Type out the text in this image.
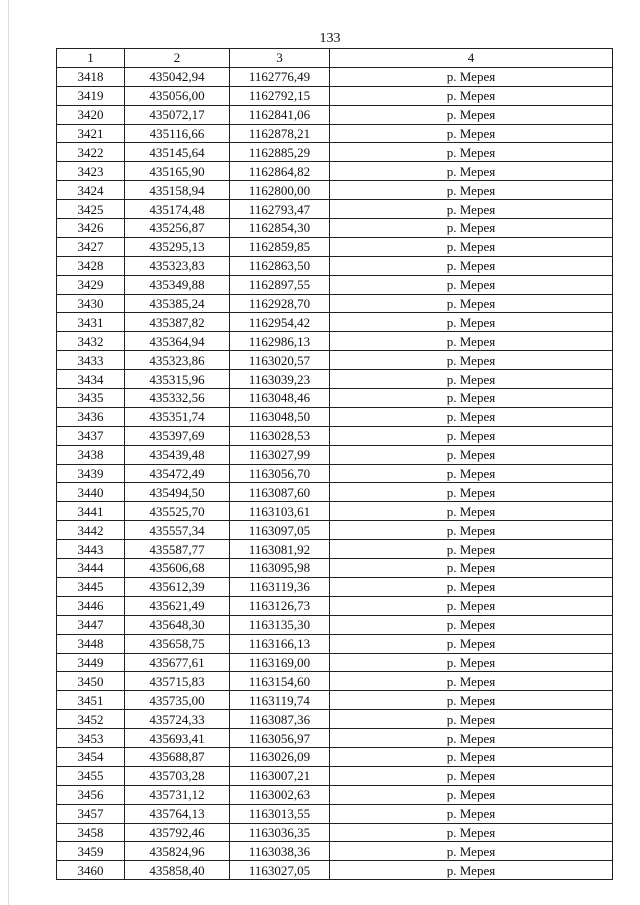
133
1	2	3	4
3418	435042,94	1162776,49	р. Мерея
3419	435056,00	1162792,15	р. Мерея
3420	435072,17	1162841,06	р. Мерея
3421	435116,66	1162878,21	р. Мерея
3422	435145,64	1162885,29	р. Мерея
3423	435165,90	1162864,82	р. Мерея
3424	435158,94	1162800,00	р. Мерея
3425	435174,48	1162793,47	р. Мерея
3426	435256,87	1162854,30	р. Мерея
3427	435295,13	1162859,85	р. Мерея
3428	435323,83	1162863,50	р. Мерея
3429	435349,88	1162897,55	р. Мерея
3430	435385,24	1162928,70	р. Мерея
3431	435387,82	1162954,42	р. Мерея
3432	435364,94	1162986,13	р. Мерея
3433	435323,86	1163020,57	р. Мерея
3434	435315,96	1163039,23	р. Мерея
3435	435332,56	1163048,46	р. Мерея
3436	435351,74	1163048,50	р. Мерея
3437	435397,69	1163028,53	р. Мерея
3438	435439,48	1163027,99	р. Мерея
3439	435472,49	1163056,70	р. Мерея
3440	435494,50	1163087,60	р. Мерея
3441	435525,70	1163103,61	р. Мерея
3442	435557,34	1163097,05	р. Мерея
3443	435587,77	1163081,92	р. Мерея
3444	435606,68	1163095,98	р. Мерея
3445	435612,39	1163119,36	р. Мерея
3446	435621,49	1163126,73	р. Мерея
3447	435648,30	1163135,30	р. Мерея
3448	435658,75	1163166,13	р. Мерея
3449	435677,61	1163169,00	р. Мерея
3450	435715,83	1163154,60	р. Мерея
3451	435735,00	1163119,74	р. Мерея
3452	435724,33	1163087,36	р. Мерея
3453	435693,41	1163056,97	р. Мерея
3454	435688,87	1163026,09	р. Мерея
3455	435703,28	1163007,21	р. Мерея
3456	435731,12	1163002,63	р. Мерея
3457	435764,13	1163013,55	р. Мерея
3458	435792,46	1163036,35	р. Мерея
3459	435824,96	1163038,36	р. Мерея
3460	435858,40	1163027,05	р. Мерея
